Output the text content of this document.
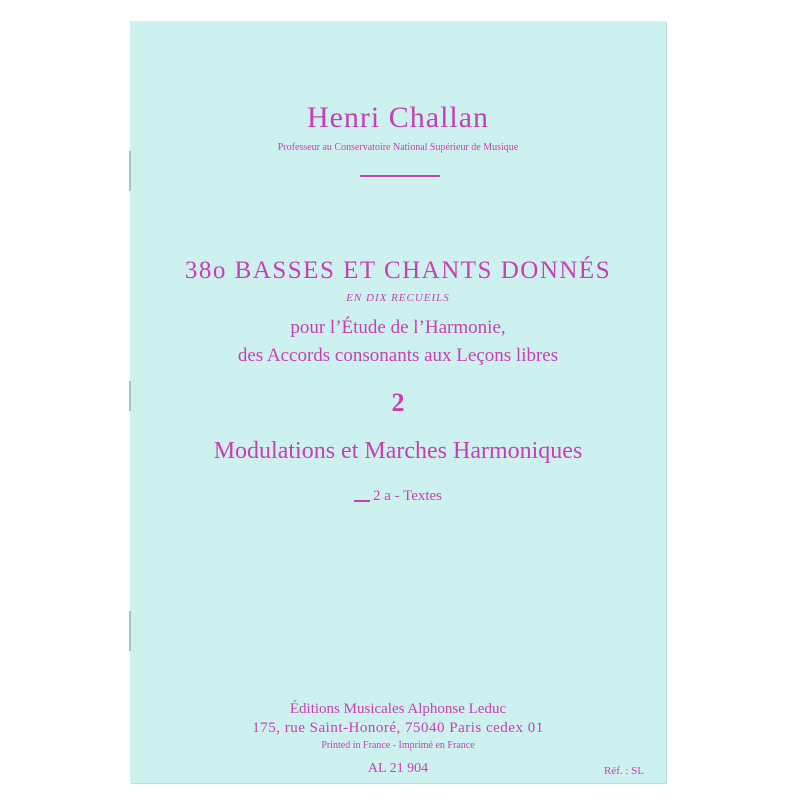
Henri Challan

Professeur au Conservatoire National Supérieur de Musique

38o BASSES ET CHANTS DONNÉS

EN DIX RECUEILS

pour l’Étude de l’Harmonie,

des Accords consonants aux Leçons libres

2

Modulations et Marches Harmoniques

2 a - Textes

Éditions Musicales Alphonse Leduc

175, rue Saint-Honoré, 75040 Paris cedex 01

Printed in France - Imprimé en France

AL 21 904	Réf. : SL
